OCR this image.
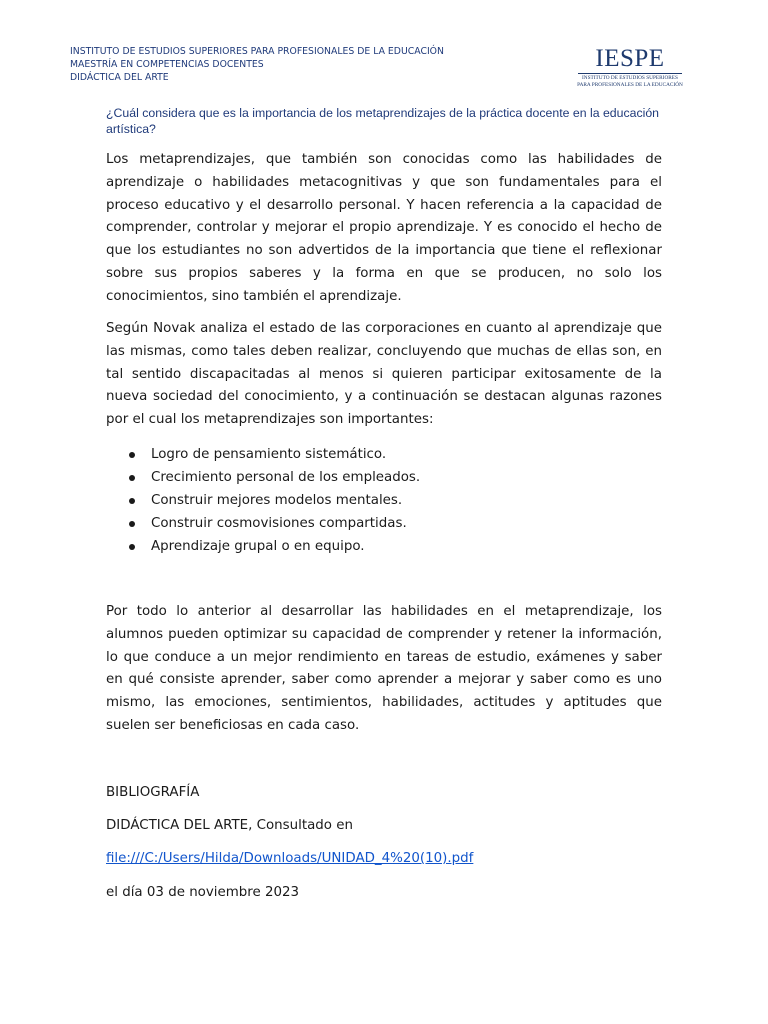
INSTITUTO DE ESTUDIOS SUPERIORES PARA PROFESIONALES DE LA EDUCACIÓN
MAESTRÍA EN COMPETENCIAS DOCENTES
DIDÁCTICA DEL ARTE
IESPE
INSTITUTO DE ESTUDIOS SUPERIORES
PARA PROFESIONALES DE LA EDUCACIÓN
¿Cuál considera que es la importancia de los metaprendizajes de la práctica docente en la educación artística?

Los metaprendizajes, que también son conocidas como las habilidades de aprendizaje o habilidades metacognitivas y que son fundamentales para el proceso educativo y el desarrollo personal. Y hacen referencia a la capacidad de comprender, controlar y mejorar el propio aprendizaje. Y es conocido el hecho de que los estudiantes no son advertidos de la importancia que tiene el reflexionar sobre sus propios saberes y la forma en que se producen, no solo los conocimientos, sino también el aprendizaje.

Según Novak analiza el estado de las corporaciones en cuanto al aprendizaje que las mismas, como tales deben realizar, concluyendo que muchas de ellas son, en tal sentido discapacitadas al menos si quieren participar exitosamente de la nueva sociedad del conocimiento, y a continuación se destacan algunas razones por el cual los metaprendizajes son importantes:

Logro de pensamiento sistemático.
Crecimiento personal de los empleados.
Construir mejores modelos mentales.
Construir cosmovisiones compartidas.
Aprendizaje grupal o en equipo.

Por todo lo anterior al desarrollar las habilidades en el metaprendizaje, los alumnos pueden optimizar su capacidad de comprender y retener la información, lo que conduce a un mejor rendimiento en tareas de estudio, exámenes y saber en qué consiste aprender, saber como aprender a mejorar y saber como es uno mismo, las emociones, sentimientos, habilidades, actitudes y aptitudes que suelen ser beneficiosas en cada caso.

BIBLIOGRAFÍA
DIDÁCTICA DEL ARTE, Consultado en
file:///C:/Users/Hilda/Downloads/UNIDAD_4%20(10).pdf
el día 03 de noviembre 2023
